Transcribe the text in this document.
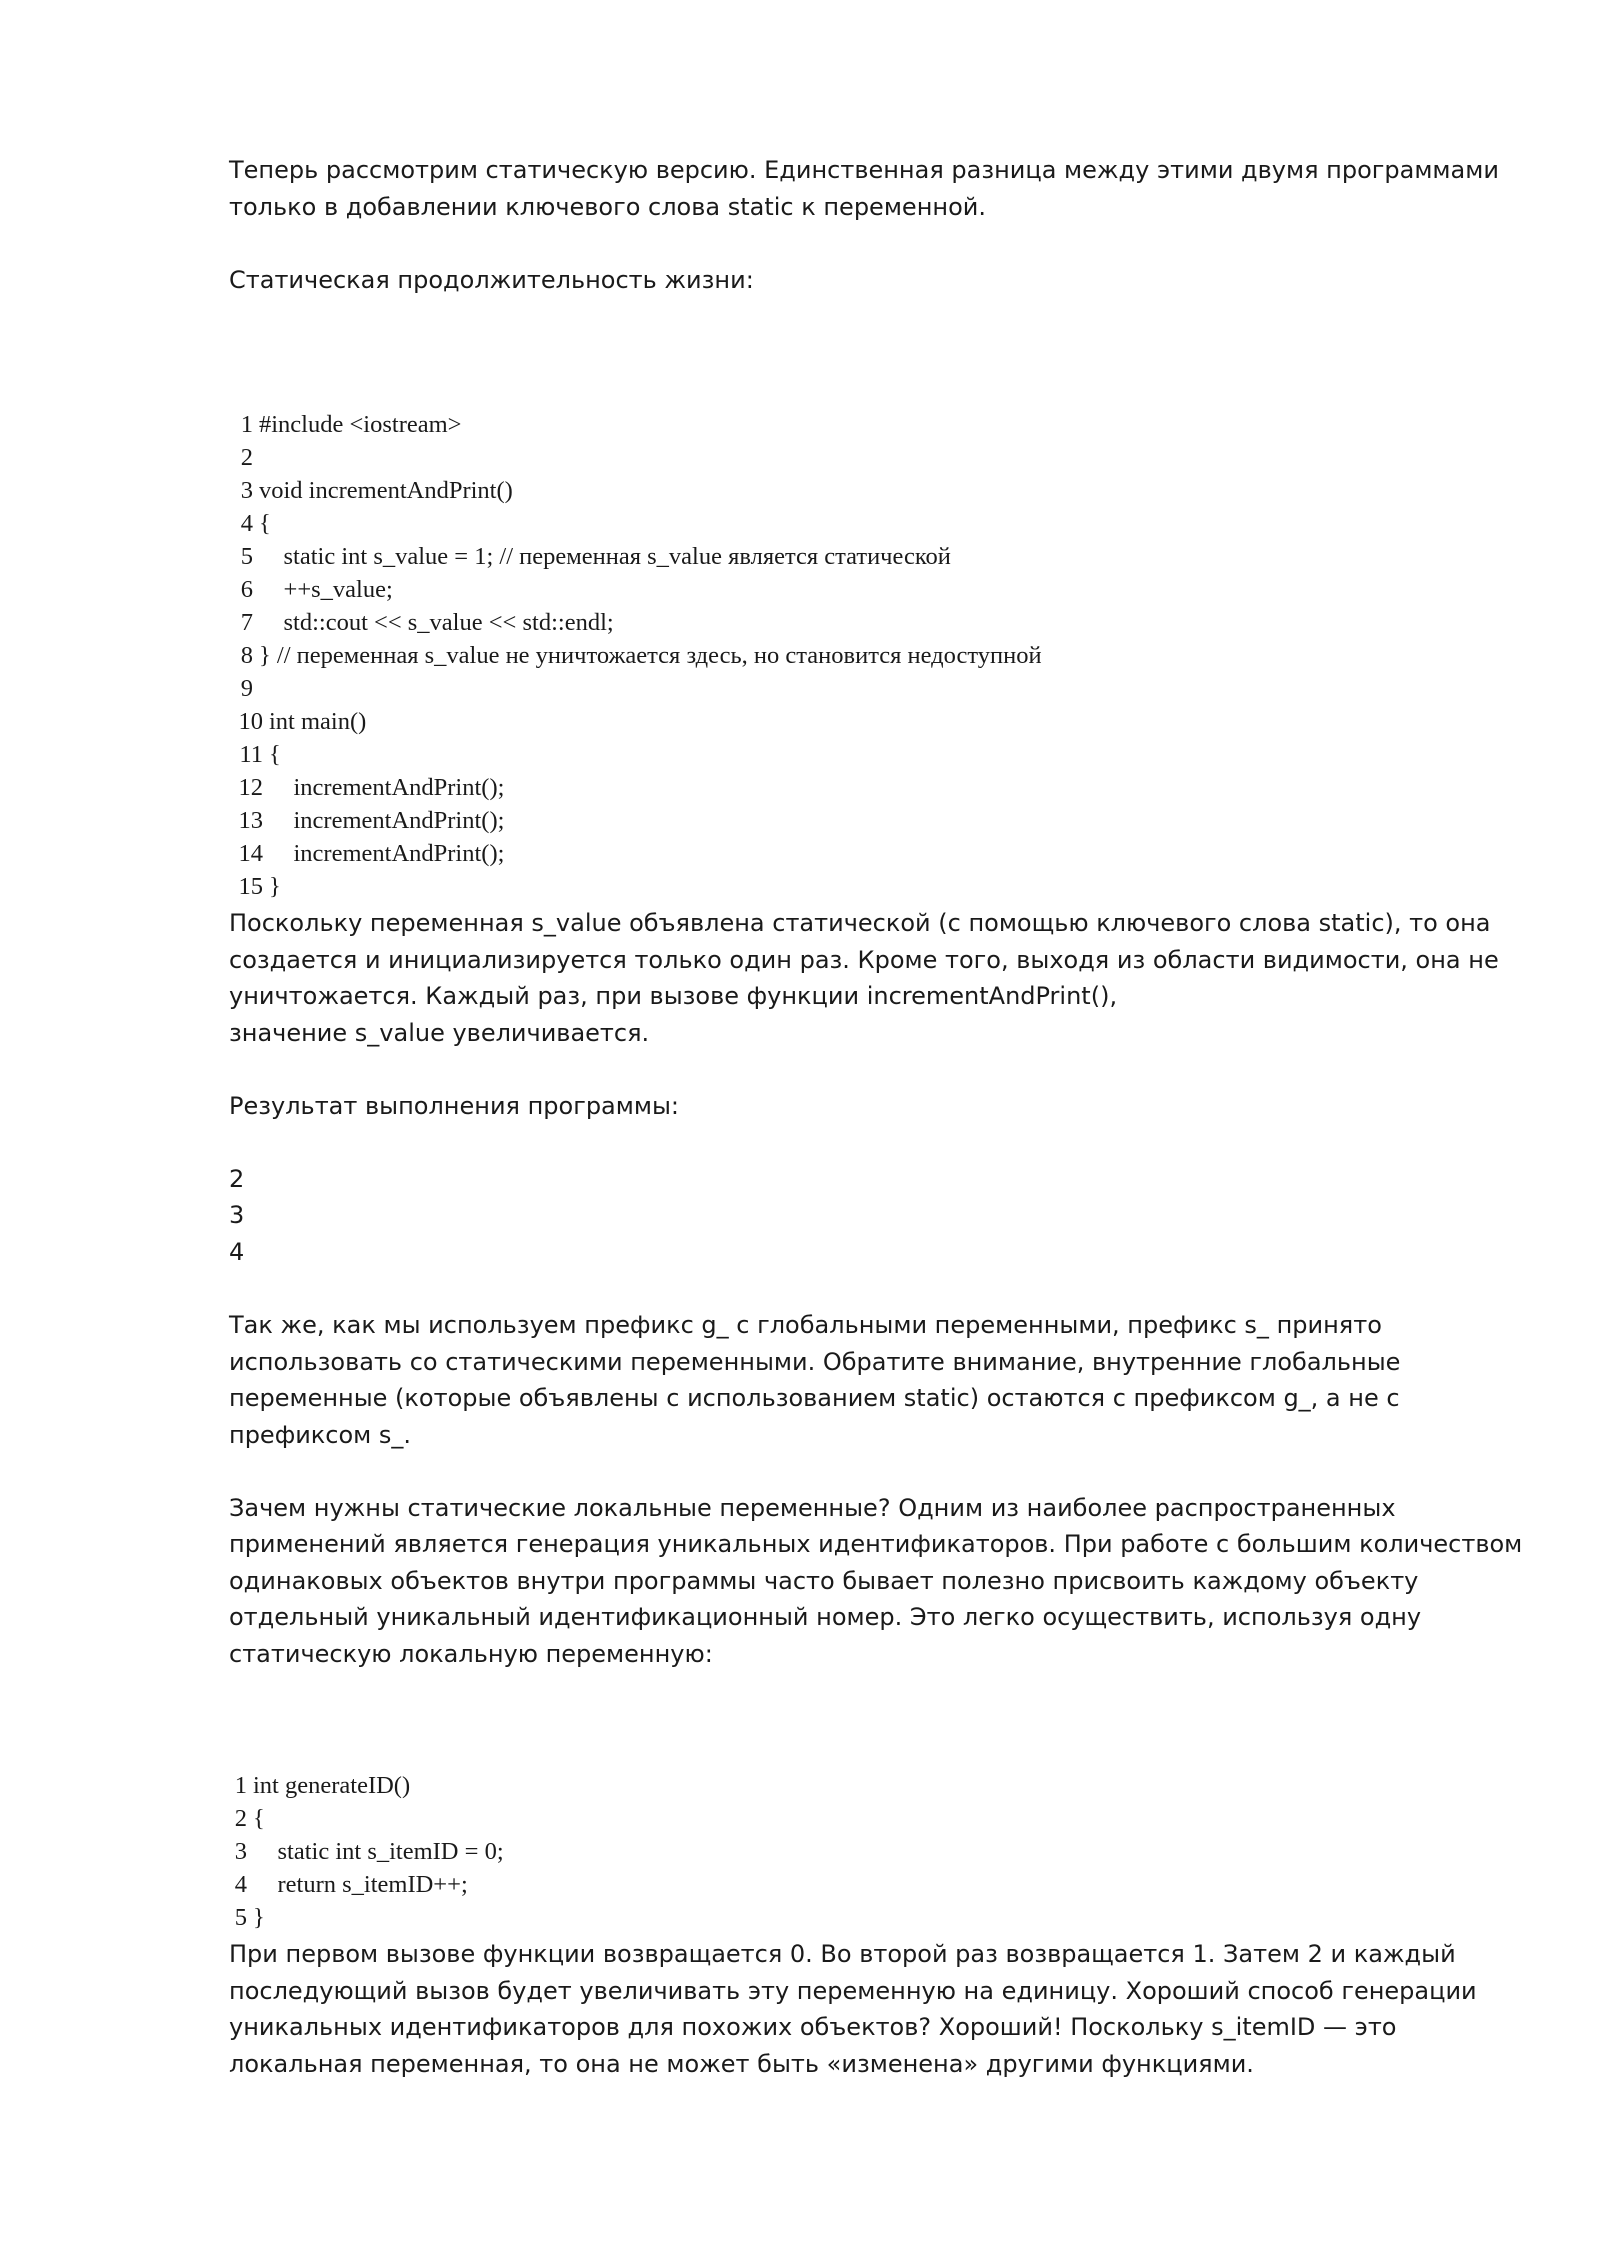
Теперь рассмотрим статическую версию. Единственная разница между этими двумя программами только в добавлении ключевого слова static к переменной.

Статическая продолжительность жизни:

1 #include <iostream>
2
3 void incrementAndPrint()
4 {
5 static int s_value = 1; // переменная s_value является статической
6 ++s_value;
7 std::cout << s_value << std::endl;
8 } // переменная s_value не уничтожается здесь, но становится недоступной
9
10 int main()
11 {
12 incrementAndPrint();
13 incrementAndPrint();
14 incrementAndPrint();
15 }

Поскольку переменная s_value объявлена статической (с помощью ключевого слова static), то она создается и инициализируется только один раз. Кроме того, выходя из области видимости, она не уничтожается. Каждый раз, при вызове функции incrementAndPrint(),

значение s_value увеличивается.

Результат выполнения программы:

2
3
4

Так же, как мы используем префикс g_ с глобальными переменными, префикс s_ принято использовать со статическими переменными. Обратите внимание, внутренние глобальные переменные (которые объявлены с использованием static) остаются с префиксом g_, а не с префиксом s_.

Зачем нужны статические локальные переменные? Одним из наиболее распространенных применений является генерация уникальных идентификаторов. При работе с большим количеством одинаковых объектов внутри программы часто бывает полезно присвоить каждому объекту отдельный уникальный идентификационный номер. Это легко осуществить, используя одну статическую локальную переменную:

1 int generateID()
2 {
3 static int s_itemID = 0;
4 return s_itemID++;
5 }

При первом вызове функции возвращается 0. Во второй раз возвращается 1. Затем 2 и каждый последующий вызов будет увеличивать эту переменную на единицу. Хороший способ генерации уникальных идентификаторов для похожих объектов? Хороший! Поскольку s_itemID — это локальная переменная, то она не может быть «изменена» другими функциями.
